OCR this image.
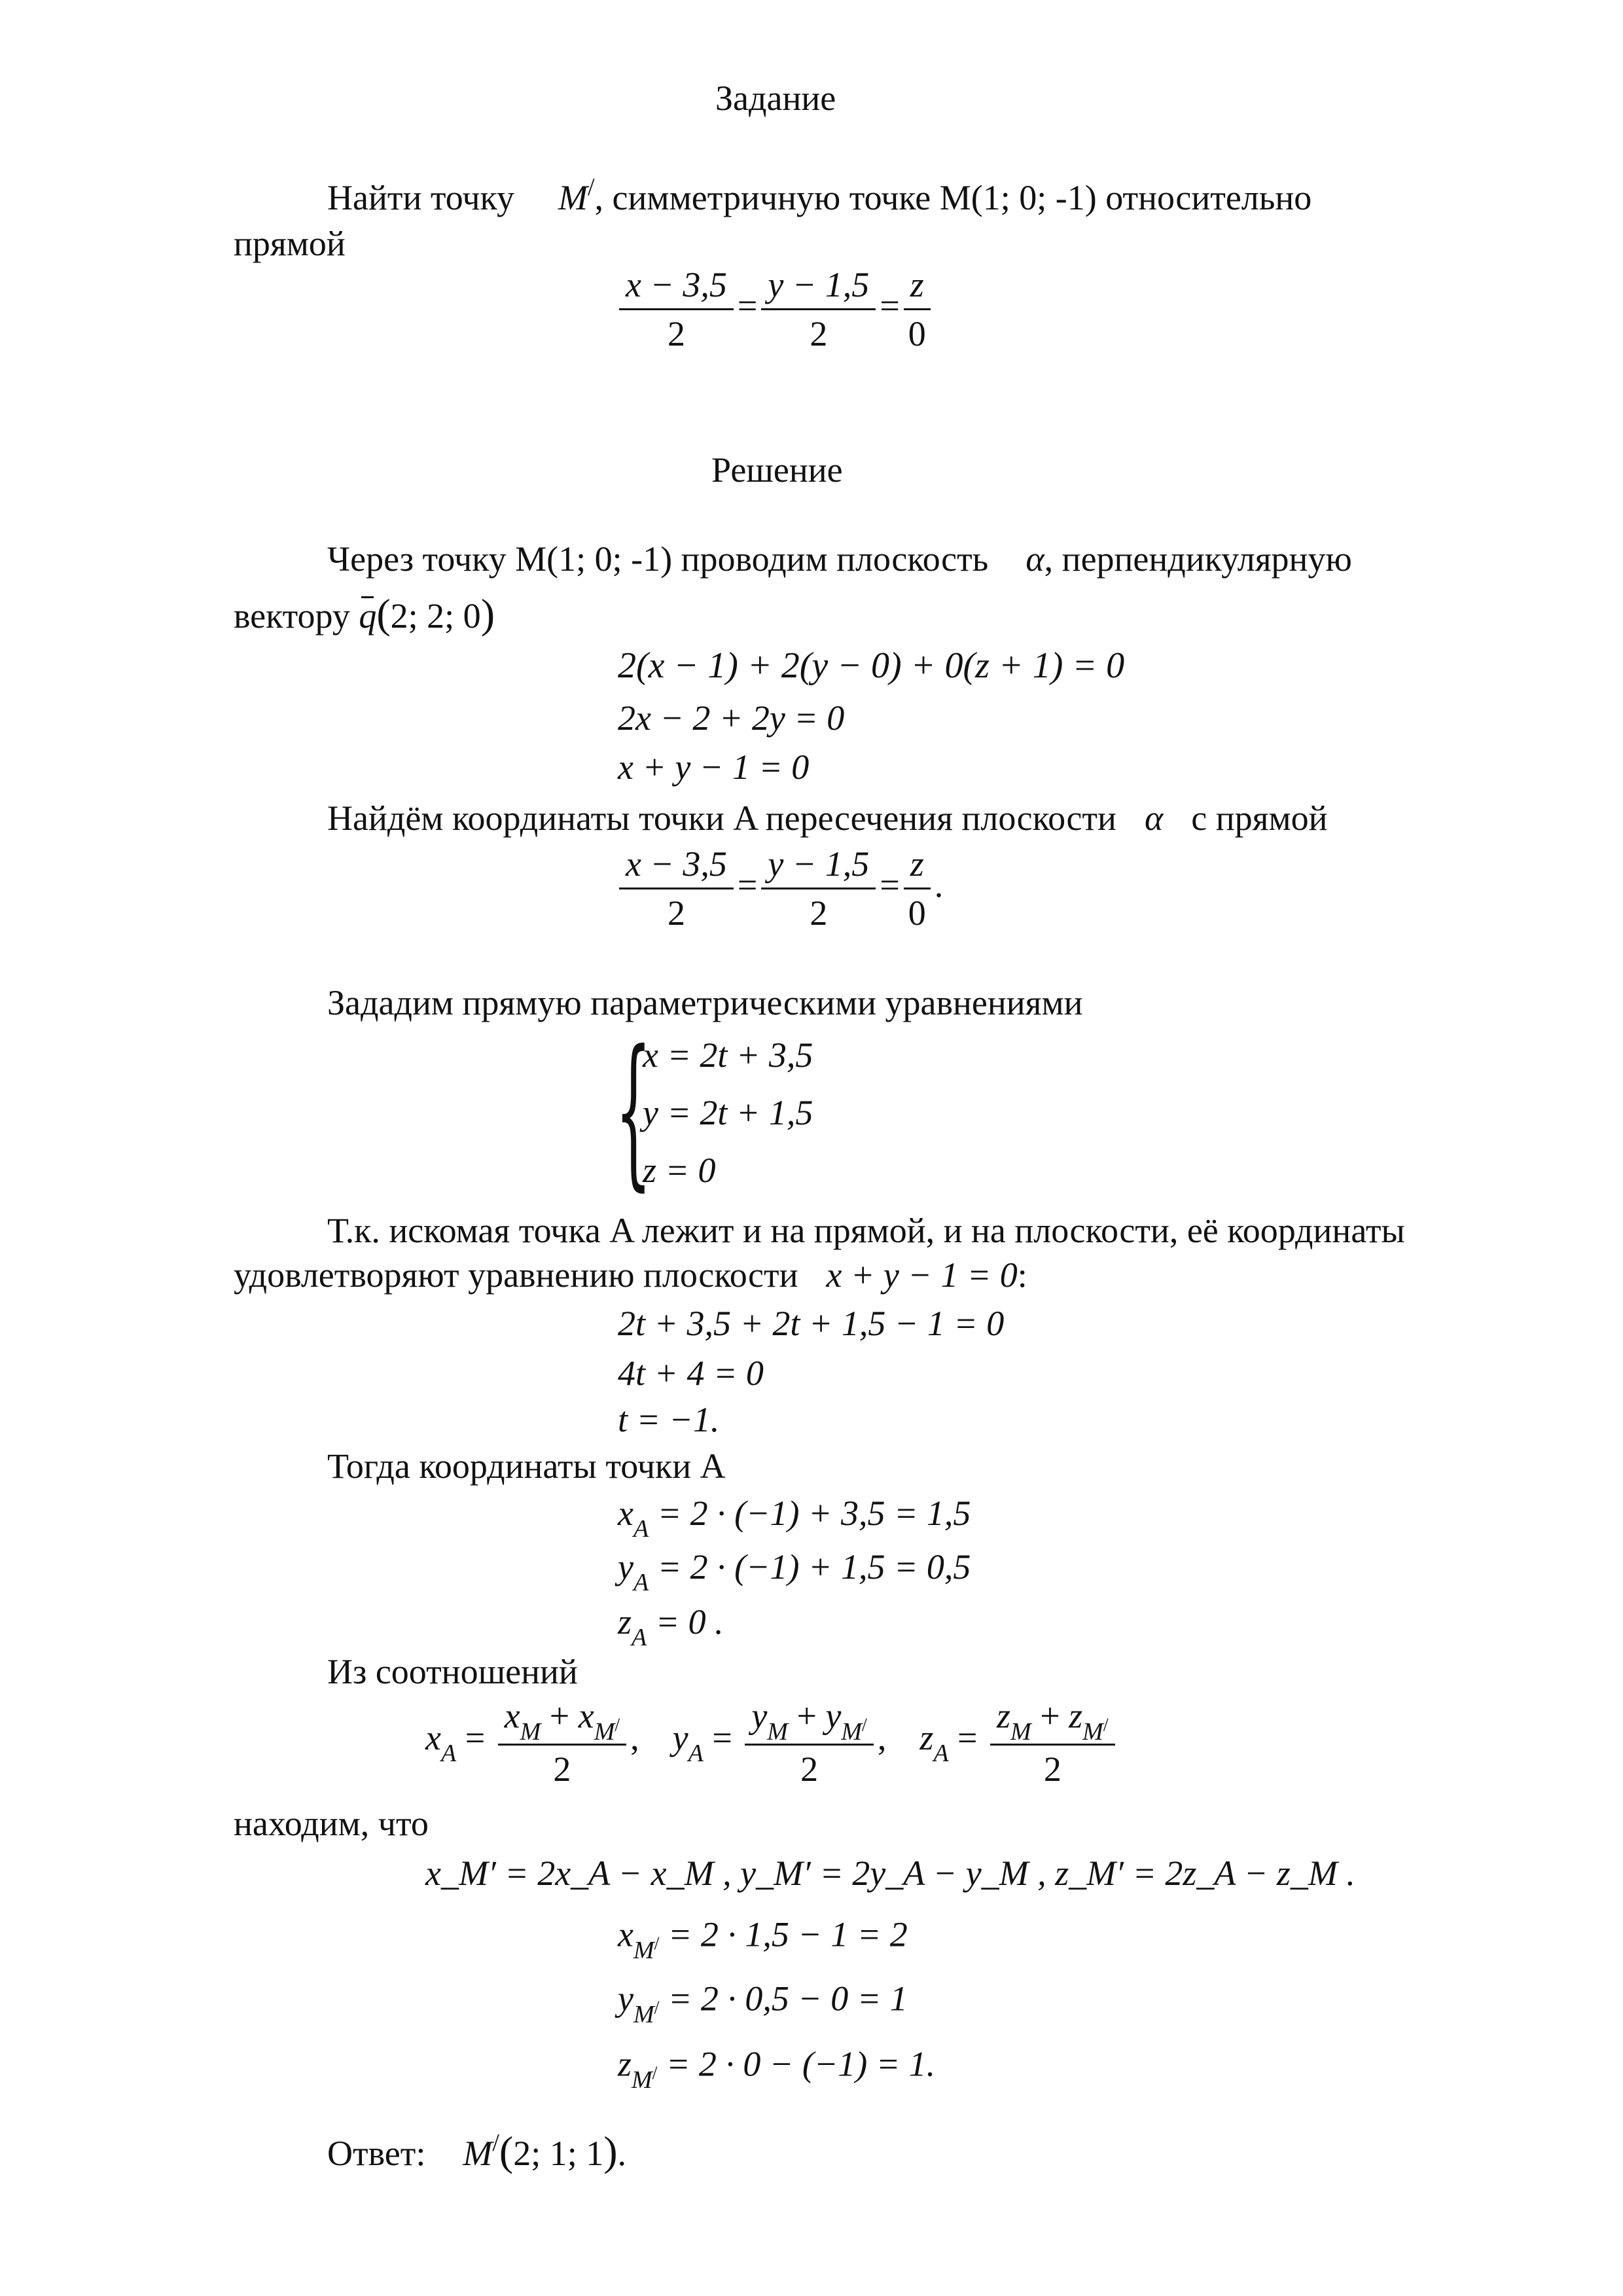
Задание
Найти точку M/, симметричную точке M(1; 0; -1) относительно
прямой
$\frac{x - 3,5}{2} = \frac{y - 1,5}{2} = \frac{z}{0}$
Решение
Через точку M(1; 0; -1) проводим плоскость α, перпендикулярную
вектору q(2; 2; 0)
2(x − 1) + 2(y − 0) + 0(z + 1) = 0
2x − 2 + 2y = 0
x + y − 1 = 0
Найдём координаты точки A пересечения плоскости α с прямой
$\frac{x - 3,5}{2} = \frac{y - 1,5}{2} = \frac{z}{0}$ .
Зададим прямую параметрическими уравнениями
{
x = 2t + 3,5
y = 2t + 1,5
z = 0
Т.к. искомая точка A лежит и на прямой, и на плоскости, её координаты
удовлетворяют уравнению плоскости x + y − 1 = 0:
2t + 3,5 + 2t + 1,5 − 1 = 0
4t + 4 = 0
t = −1.
Тогда координаты точки A
$x_A = 2 \cdot (-1) + 3,5 = 1,5$
$y_A = 2 \cdot (-1) + 1,5 = 0,5$
$z_A = 0$ .
Из соотношений
$x_A = \frac{x_M + x_{M^/}}{2}$ , $y_A = \frac{y_M + y_{M^/}}{2}$ , $z_A = \frac{z_M + z_{M^/}}{2}$
находим, что
x_M′ = 2x_A − x_M , y_M′ = 2y_A − y_M , z_M′ = 2z_A − z_M .
$x_{M^/} = 2 \cdot 1,5 - 1 = 2$
$y_{M^/} = 2 \cdot 0,5 - 0 = 1$
$z_{M^/} = 2 \cdot 0 - (-1) = 1$.
Ответ: M/(2; 1; 1).
